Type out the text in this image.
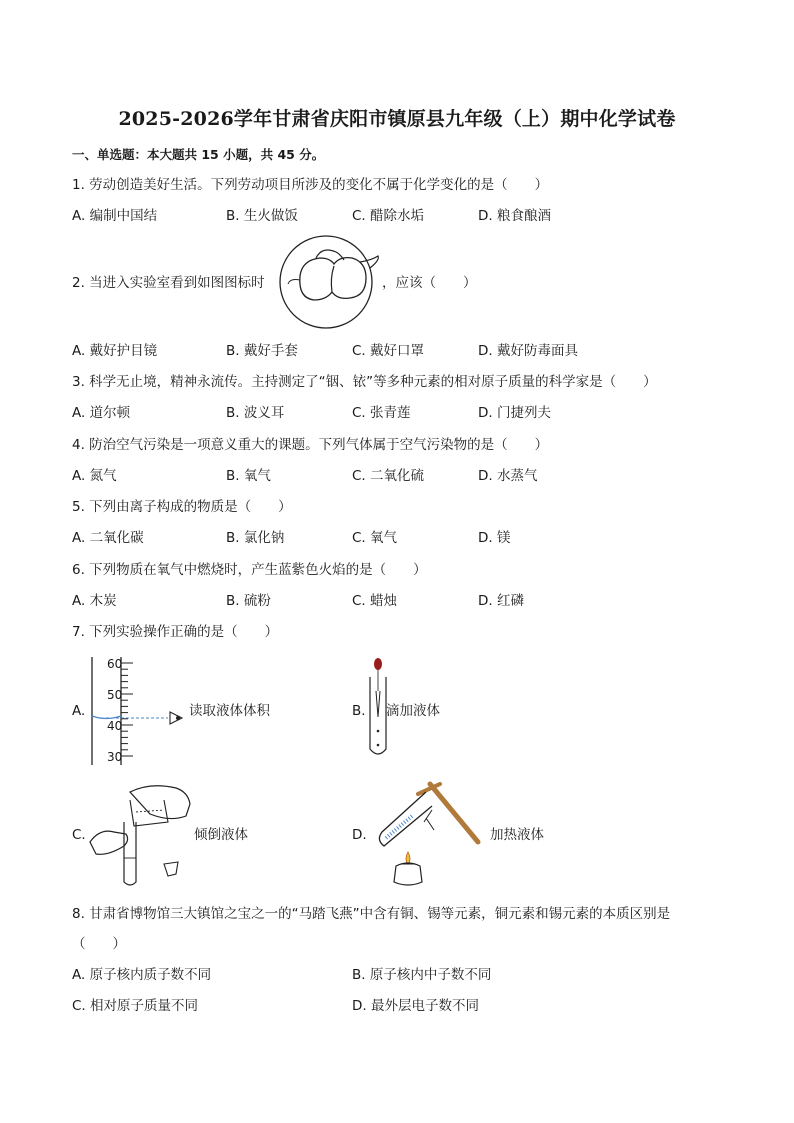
2025-2026学年甘肃省庆阳市镇原县九年级（上）期中化学试卷
一、单选题：本大题共 15 小题，共 45 分。
1. 劳动创造美好生活。下列劳动项目所涉及的变化不属于化学变化的是（　　）
A. 编制中国结	B. 生火做饭	C. 醋除水垢	D. 粮食酿酒
2. 当进入实验室看到如图图标时	，应该（　　）
A. 戴好护目镜	B. 戴好手套	C. 戴好口罩	D. 戴好防毒面具
3. 科学无止境，精神永流传。主持测定了“铟、铱”等多种元素的相对原子质量的科学家是（　　）
A. 道尔顿	B. 波义耳	C. 张青莲	D. 门捷列夫
4. 防治空气污染是一项意义重大的课题。下列气体属于空气污染物的是（　　）
A. 氮气	B. 氧气	C. 二氧化硫	D. 水蒸气
5. 下列由离子构成的物质是（　　）
A. 二氧化碳	B. 氯化钠	C. 氧气	D. 镁
6. 下列物质在氧气中燃烧时，产生蓝紫色火焰的是（　　）
A. 木炭	B. 硫粉	C. 蜡烛	D. 红磷
7. 下列实验操作正确的是（　　）
A.
60
50
40
30
读取液体体积	B. 滴加液体
C.	倾倒液体	D.	加热液体
8. 甘肃省博物馆三大镇馆之宝之一的“马踏飞燕”中含有铜、锡等元素，铜元素和锡元素的本质区别是
（　　）
A. 原子核内质子数不同	B. 原子核内中子数不同
C. 相对原子质量不同	D. 最外层电子数不同
